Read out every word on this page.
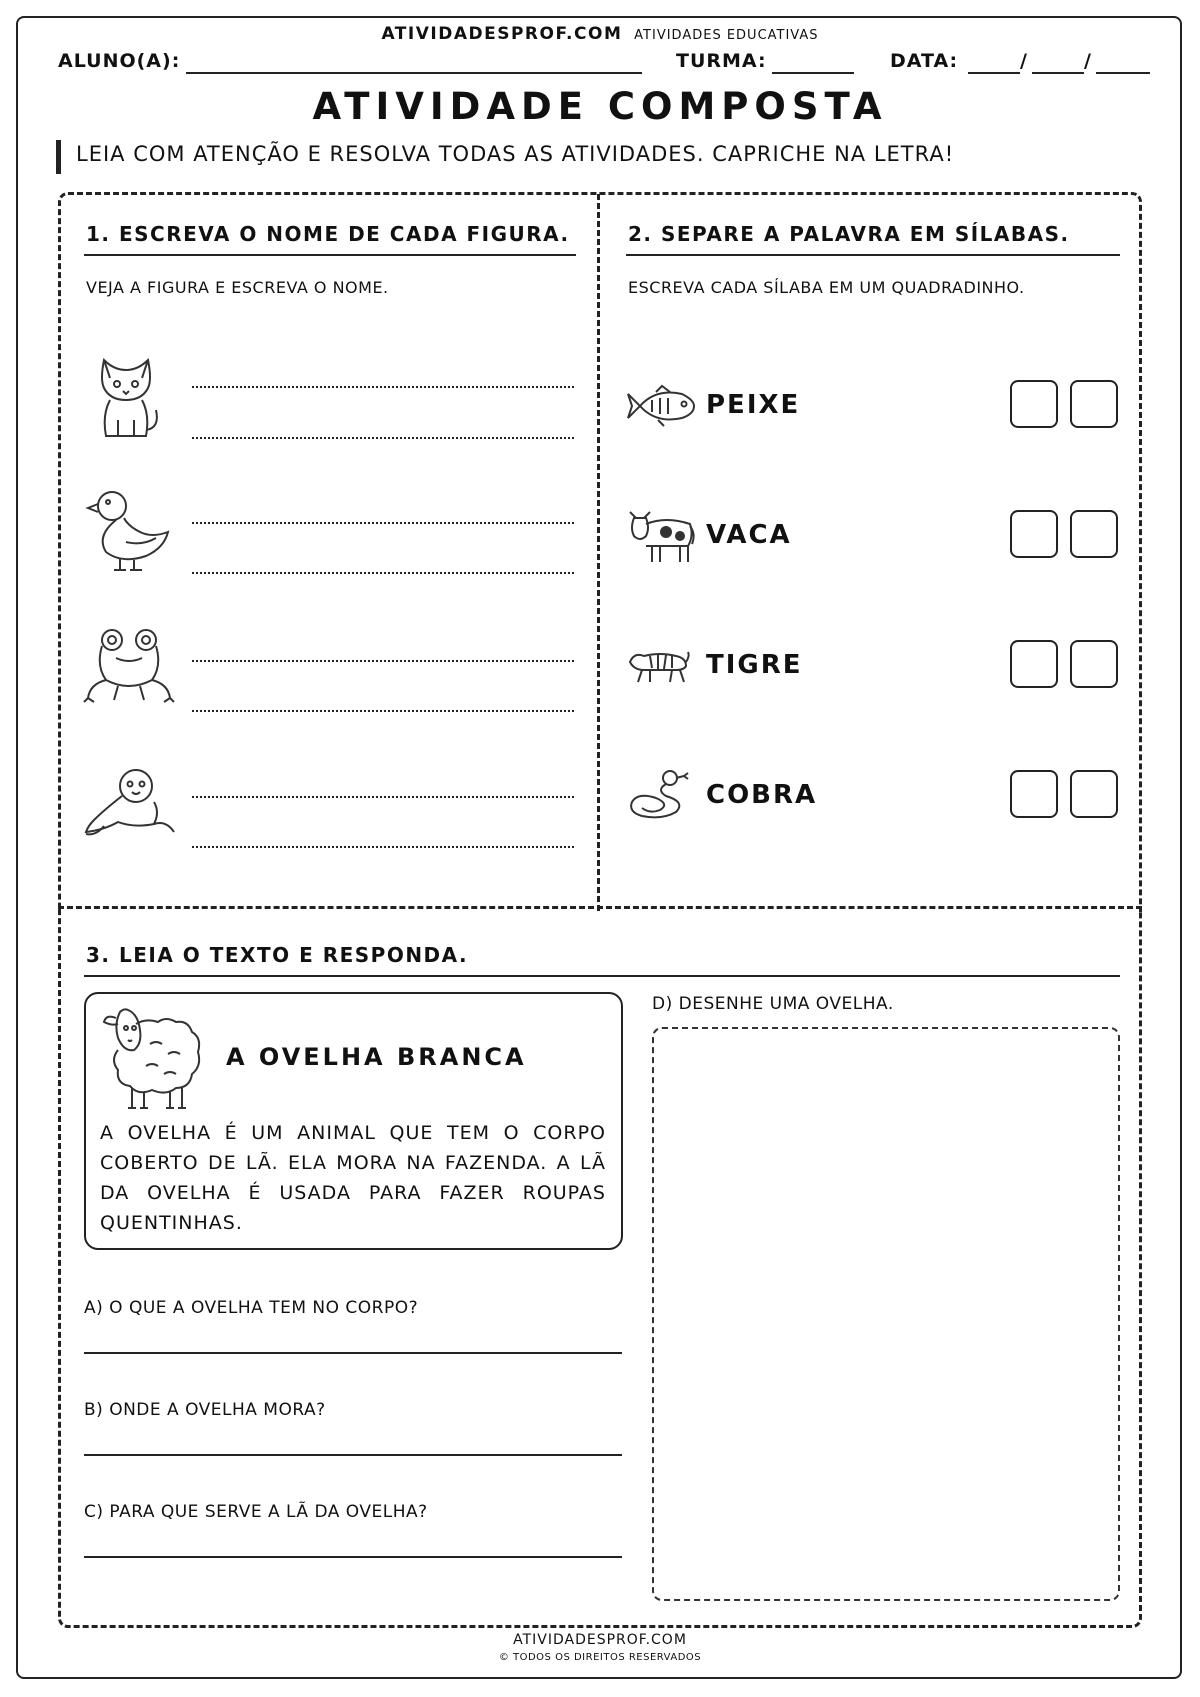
ATIVIDADESPROF.COM ATIVIDADES EDUCATIVAS
ALUNO(A):	TURMA:	DATA:	/	/
ATIVIDADE COMPOSTA
LEIA COM ATENÇÃO E RESOLVA TODAS AS ATIVIDADES. CAPRICHE NA LETRA!
1. ESCREVA O NOME DE CADA FIGURA.
VEJA A FIGURA E ESCREVA O NOME.
2. SEPARE A PALAVRA EM SÍLABAS.
ESCREVA CADA SÍLABA EM UM QUADRADINHO.
PEIXE
VACA
TIGRE
COBRA
3. LEIA O TEXTO E RESPONDA.
A OVELHA BRANCA
A OVELHA É UM ANIMAL QUE TEM O CORPO COBERTO DE LÃ. ELA MORA NA FAZENDA. A LÃ DA OVELHA É USADA PARA FAZER ROUPAS QUENTINHAS.
A) O QUE A OVELHA TEM NO CORPO?
B) ONDE A OVELHA MORA?
C) PARA QUE SERVE A LÃ DA OVELHA?
D) DESENHE UMA OVELHA.
ATIVIDADESPROF.COM
© TODOS OS DIREITOS RESERVADOS
